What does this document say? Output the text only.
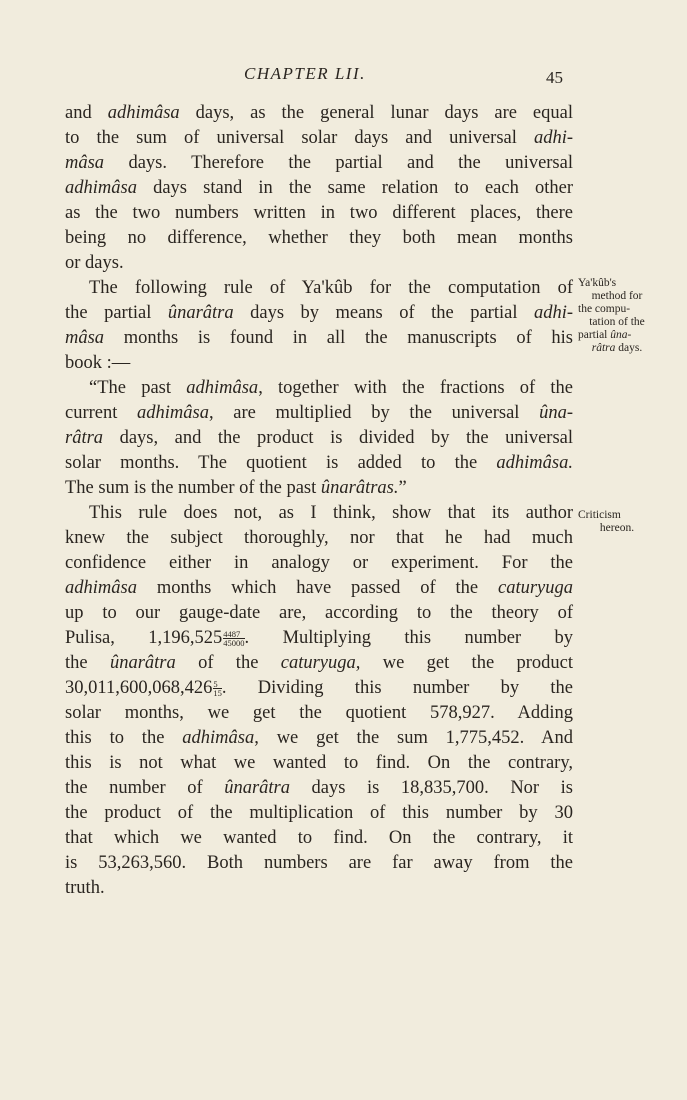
CHAPTER LII.	45
and adhimâsa days, as the general lunar days are equal
to the sum of universal solar days and universal adhi-
mâsa days. Therefore the partial and the universal
adhimâsa days stand in the same relation to each other
as the two numbers written in two different places, there
being no difference, whether they both mean months
or days.
The following rule of Ya'kûb for the computation of
the partial ûnarâtra days by means of the partial adhi-
mâsa months is found in all the manuscripts of his
book :—
“The past adhimâsa, together with the fractions of the
current adhimâsa, are multiplied by the universal ûna-
râtra days, and the product is divided by the universal
solar months. The quotient is added to the adhimâsa.
The sum is the number of the past ûnarâtras.”
This rule does not, as I think, show that its author
knew the subject thoroughly, nor that he had much
confidence either in analogy or experiment. For the
adhimâsa months which have passed of the caturyuga
up to our gauge-date are, according to the theory of
Pulisa, $1,196,525 \frac{4487}{45000}$ . Multiplying this number by
the ûnarâtra of the caturyuga, we get the product
$30,011,600,068,426 \frac{5}{15}$ . Dividing this number by the
solar months, we get the quotient 578,927. Adding
this to the adhimâsa, we get the sum 1,775,452. And
this is not what we wanted to find. On the contrary,
the number of ûnarâtra days is 18,835,700. Nor is
the product of the multiplication of this number by 30
that which we wanted to find. On the contrary, it
is 53,263,560. Both numbers are far away from the
truth.
Ya'kûb's
method for
the compu-
tation of the
partial ûna-
râtra days.
Criticism
hereon.
